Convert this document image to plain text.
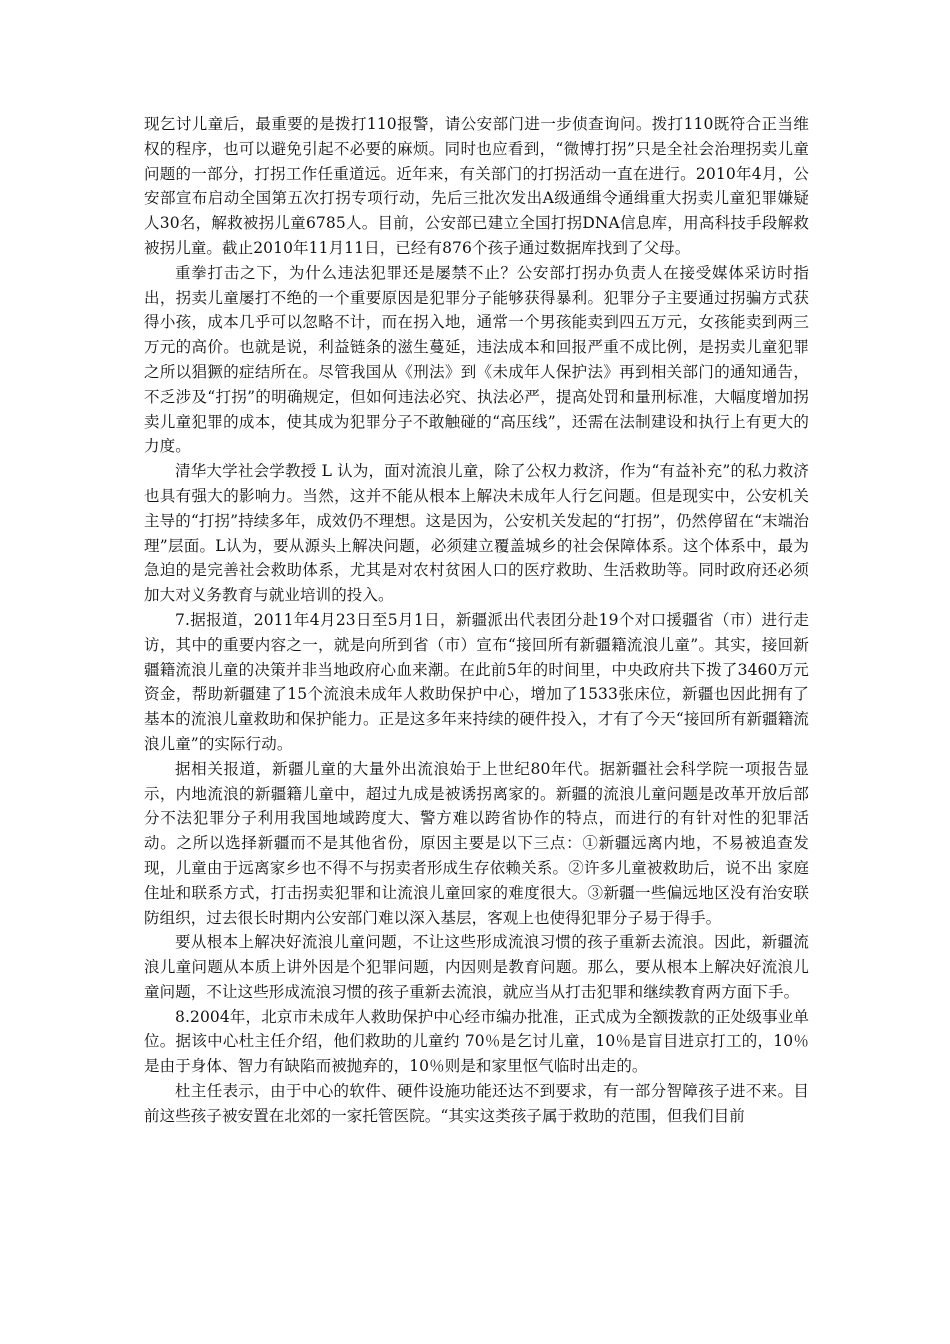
现乞讨儿童后，最重要的是拨打110报警，请公安部门进一步侦查询问。拨打110既符合正当维权的程序，也可以避免引起不必要的麻烦。同时也应看到，“微博打拐”只是全社会治理拐卖儿童问题的一部分，打拐工作任重道远。近年来，有关部门的打拐活动一直在进行。2010年4月，公安部宣布启动全国第五次打拐专项行动，先后三批次发出A级通缉令通缉重大拐卖儿童犯罪嫌疑人30名，解救被拐儿童6785人。目前，公安部已建立全国打拐DNA信息库，用高科技手段解救被拐儿童。截止2010年11月11日，已经有876个孩子通过数据库找到了父母。

重拳打击之下，为什么违法犯罪还是屡禁不止？公安部打拐办负责人在接受媒体采访时指出，拐卖儿童屡打不绝的一个重要原因是犯罪分子能够获得暴利。犯罪分子主要通过拐骗方式获得小孩，成本几乎可以忽略不计，而在拐入地，通常一个男孩能卖到四五万元，女孩能卖到两三万元的高价。也就是说，利益链条的滋生蔓延，违法成本和回报严重不成比例，是拐卖儿童犯罪之所以猖獗的症结所在。尽管我国从《刑法》到《未成年人保护法》再到相关部门的通知通告，不乏涉及“打拐”的明确规定，但如何违法必究、执法必严，提高处罚和量刑标准，大幅度增加拐卖儿童犯罪的成本，使其成为犯罪分子不敢触碰的“高压线”，还需在法制建设和执行上有更大的力度。

清华大学社会学教授 L 认为，面对流浪儿童，除了公权力救济，作为“有益补充”的私力救济也具有强大的影响力。当然，这并不能从根本上解决未成年人行乞问题。但是现实中，公安机关主导的“打拐”持续多年，成效仍不理想。这是因为，公安机关发起的“打拐”，仍然停留在“末端治理”层面。L认为，要从源头上解决问题，必须建立覆盖城乡的社会保障体系。这个体系中，最为急迫的是完善社会救助体系，尤其是对农村贫困人口的医疗救助、生活救助等。同时政府还必须加大对义务教育与就业培训的投入。

7.据报道，2011年4月23日至5月1日，新疆派出代表团分赴19个对口援疆省（市）进行走访，其中的重要内容之一，就是向所到省（市）宣布“接回所有新疆籍流浪儿童”。其实，接回新疆籍流浪儿童的决策并非当地政府心血来潮。在此前5年的时间里，中央政府共下拨了3460万元资金，帮助新疆建了15个流浪未成年人救助保护中心，增加了1533张床位，新疆也因此拥有了基本的流浪儿童救助和保护能力。正是这多年来持续的硬件投入，才有了今天“接回所有新疆籍流浪儿童”的实际行动。

据相关报道，新疆儿童的大量外出流浪始于上世纪80年代。据新疆社会科学院一项报告显示，内地流浪的新疆籍儿童中，超过九成是被诱拐离家的。新疆的流浪儿童问题是改革开放后部分不法犯罪分子利用我国地域跨度大、警方难以跨省协作的特点，而进行的有针对性的犯罪活动。之所以选择新疆而不是其他省份，原因主要是以下三点：①新疆远离内地，不易被追查发现，儿童由于远离家乡也不得不与拐卖者形成生存依赖关系。②许多儿童被救助后，说不出 家庭住址和联系方式，打击拐卖犯罪和让流浪儿童回家的难度很大。③新疆一些偏远地区没有治安联防组织，过去很长时期内公安部门难以深入基层，客观上也使得犯罪分子易于得手。

要从根本上解决好流浪儿童问题，不让这些形成流浪习惯的孩子重新去流浪。因此，新疆流浪儿童问题从本质上讲外因是个犯罪问题，内因则是教育问题。那么，要从根本上解决好流浪儿童问题，不让这些形成流浪习惯的孩子重新去流浪，就应当从打击犯罪和继续教育两方面下手。

8.2004年，北京市未成年人救助保护中心经市编办批准，正式成为全额拨款的正处级事业单位。据该中心杜主任介绍，他们救助的儿童约 70％是乞讨儿童，10％是盲目进京打工的，10％是由于身体、智力有缺陷而被抛弃的，10％则是和家里怄气临时出走的。

杜主任表示，由于中心的软件、硬件设施功能还达不到要求，有一部分智障孩子进不来。目前这些孩子被安置在北郊的一家托管医院。“其实这类孩子属于救助的范围，但我们目前
